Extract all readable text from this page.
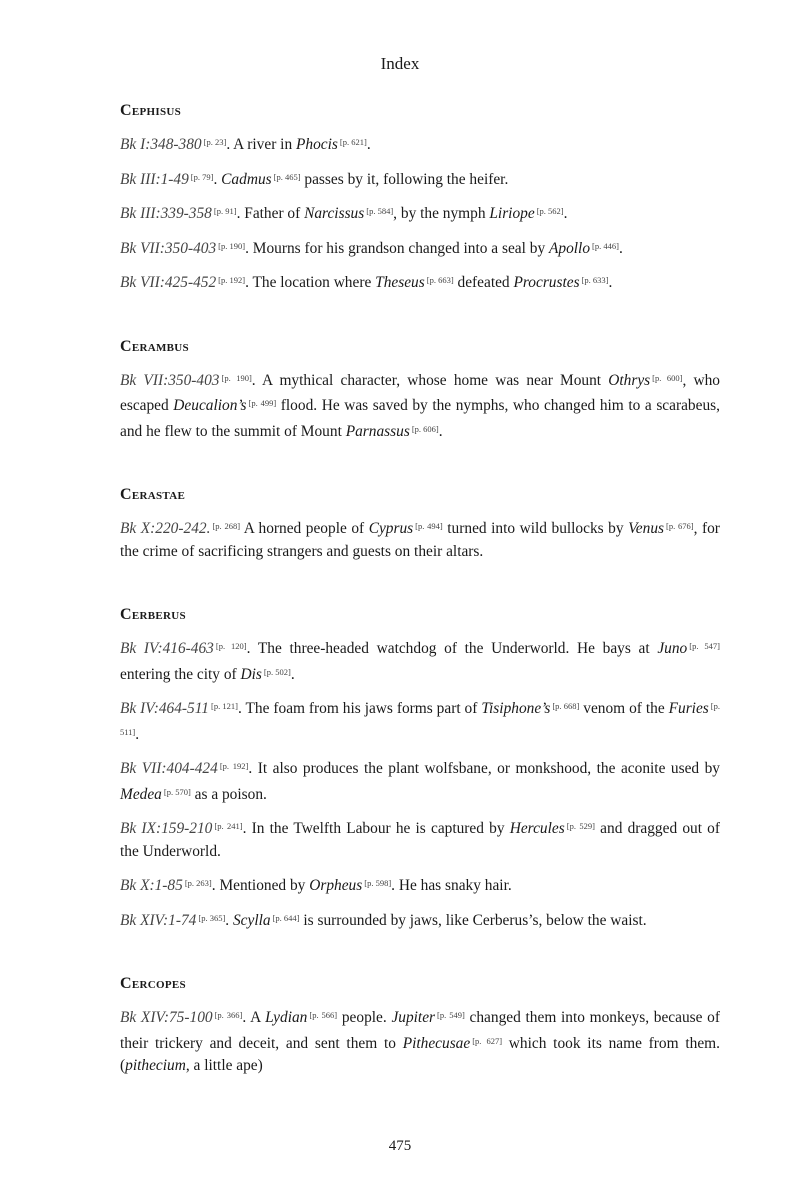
Index
Cephisus
Bk I:348-380 [p. 23]. A river in Phocis [p. 621].
Bk III:1-49 [p. 79]. Cadmus [p. 465] passes by it, following the heifer.
Bk III:339-358 [p. 91]. Father of Narcissus [p. 584], by the nymph Liriope [p. 562].
Bk VII:350-403 [p. 190]. Mourns for his grandson changed into a seal by Apollo [p. 446].
Bk VII:425-452 [p. 192]. The location where Theseus [p. 663] defeated Procrustes [p. 633].
Cerambus
Bk VII:350-403 [p. 190]. A mythical character, whose home was near Mount Othrys [p. 600], who escaped Deucalion’s [p. 499] flood. He was saved by the nymphs, who changed him to a scarabeus, and he flew to the summit of Mount Parnassus [p. 606].
Cerastae
Bk X:220-242. [p. 268] A horned people of Cyprus [p. 494] turned into wild bullocks by Venus [p. 676], for the crime of sacrificing strangers and guests on their altars.
Cerberus
Bk IV:416-463 [p. 120]. The three-headed watchdog of the Underworld. He bays at Juno [p. 547] entering the city of Dis [p. 502].
Bk IV:464-511 [p. 121]. The foam from his jaws forms part of Tisiphone’s [p. 668] venom of the Furies [p. 511].
Bk VII:404-424 [p. 192]. It also produces the plant wolfsbane, or monkshood, the aconite used by Medea [p. 570] as a poison.
Bk IX:159-210 [p. 241]. In the Twelfth Labour he is captured by Hercules [p. 529] and dragged out of the Underworld.
Bk X:1-85 [p. 263]. Mentioned by Orpheus [p. 598]. He has snaky hair.
Bk XIV:1-74 [p. 365]. Scylla [p. 644] is surrounded by jaws, like Cerberus’s, below the waist.
Cercopes
Bk XIV:75-100 [p. 366]. A Lydian [p. 566] people. Jupiter [p. 549] changed them into monkeys, because of their trickery and deceit, and sent them to Pithecusae [p. 627] which took its name from them. (pithecium, a little ape)
475
